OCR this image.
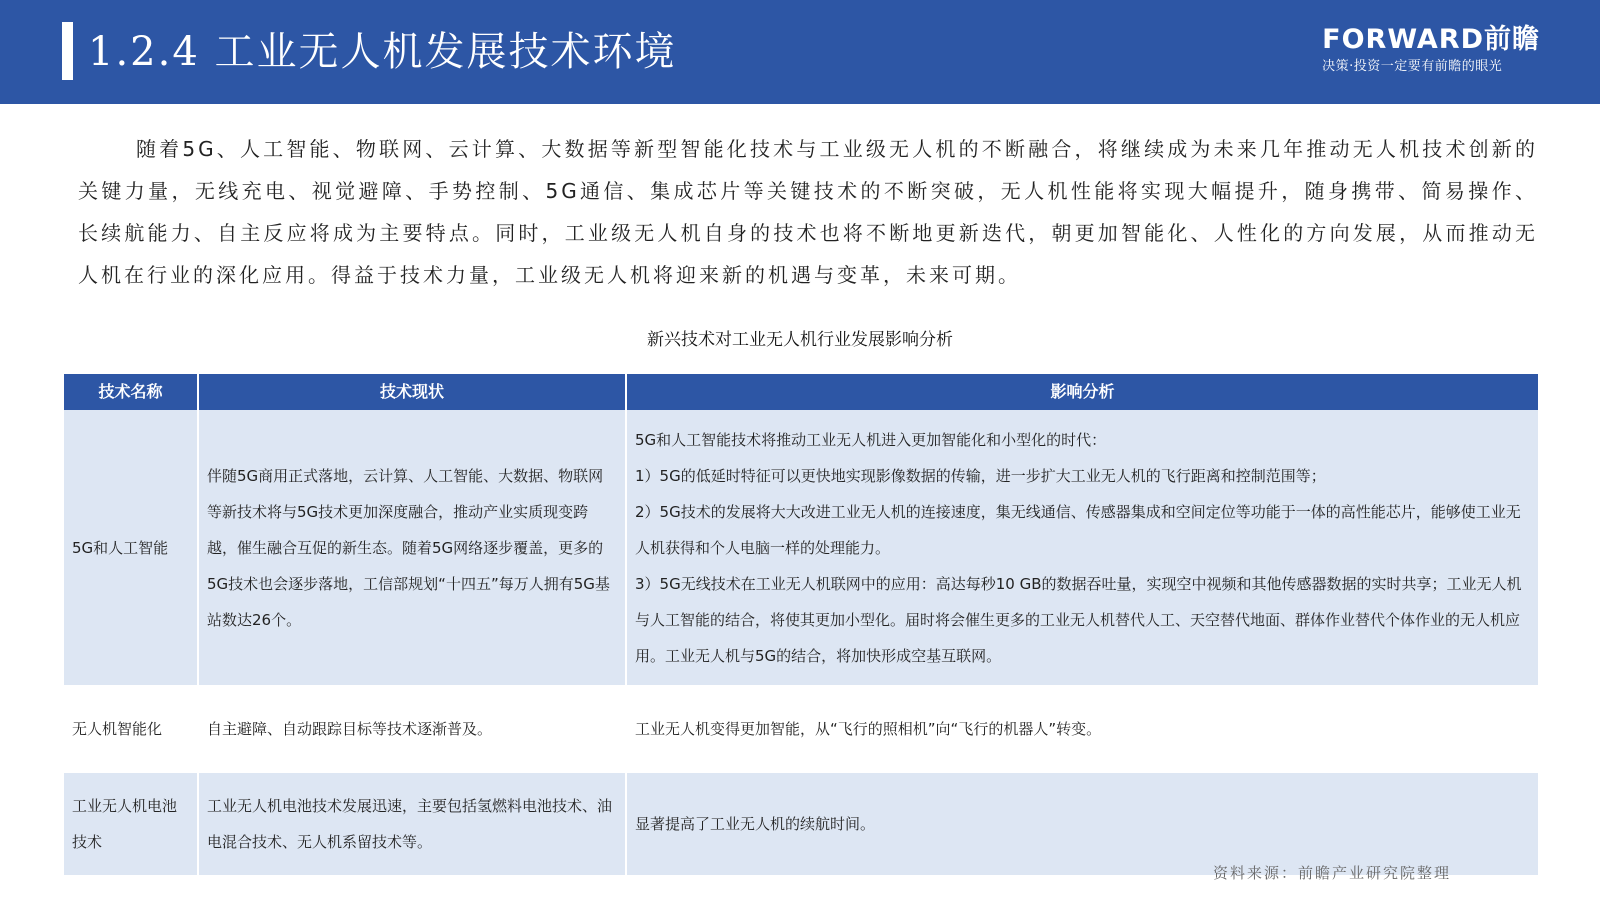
1.2.4 工业无人机发展技术环境	FORWARD前瞻
决策·投资一定要有前瞻的眼光

随着5G、人工智能、物联网、云计算、大数据等新型智能化技术与工业级无人机的不断融合，将继续成为未来几年推动无人机技术创新的关键力量，无线充电、视觉避障、手势控制、5G通信、集成芯片等关键技术的不断突破，无人机性能将实现大幅提升，随身携带、简易操作、长续航能力、自主反应将成为主要特点。同时，工业级无人机自身的技术也将不断地更新迭代，朝更加智能化、人性化的方向发展，从而推动无人机在行业的深化应用。得益于技术力量，工业级无人机将迎来新的机遇与变革，未来可期。

新兴技术对工业无人机行业发展影响分析
技术名称	技术现状	影响分析
5G和人工智能	伴随5G商用正式落地，云计算、人工智能、大数据、物联网等新技术将与5G技术更加深度融合，推动产业实质现变跨越，催生融合互促的新生态。随着5G网络逐步覆盖，更多的5G技术也会逐步落地，工信部规划“十四五”每万人拥有5G基站数达26个。	5G和人工智能技术将推动工业无人机进入更加智能化和小型化的时代：
1）5G的低延时特征可以更快地实现影像数据的传输，进一步扩大工业无人机的飞行距离和控制范围等；
2）5G技术的发展将大大改进工业无人机的连接速度，集无线通信、传感器集成和空间定位等功能于一体的高性能芯片，能够使工业无人机获得和个人电脑一样的处理能力。
3）5G无线技术在工业无人机联网中的应用：高达每秒10 GB的数据吞吐量，实现空中视频和其他传感器数据的实时共享；工业无人机与人工智能的结合，将使其更加小型化。届时将会催生更多的工业无人机替代人工、天空替代地面、群体作业替代个体作业的无人机应用。工业无人机与5G的结合，将加快形成空基互联网。

无人机智能化	自主避障、自动跟踪目标等技术逐渐普及。	工业无人机变得更加智能，从“飞行的照相机”向“飞行的机器人”转变。

工业无人机电池技术	工业无人机电池技术发展迅速，主要包括氢燃料电池技术、油电混合技术、无人机系留技术等。	显著提高了工业无人机的续航时间。
资料来源：前瞻产业研究院整理
